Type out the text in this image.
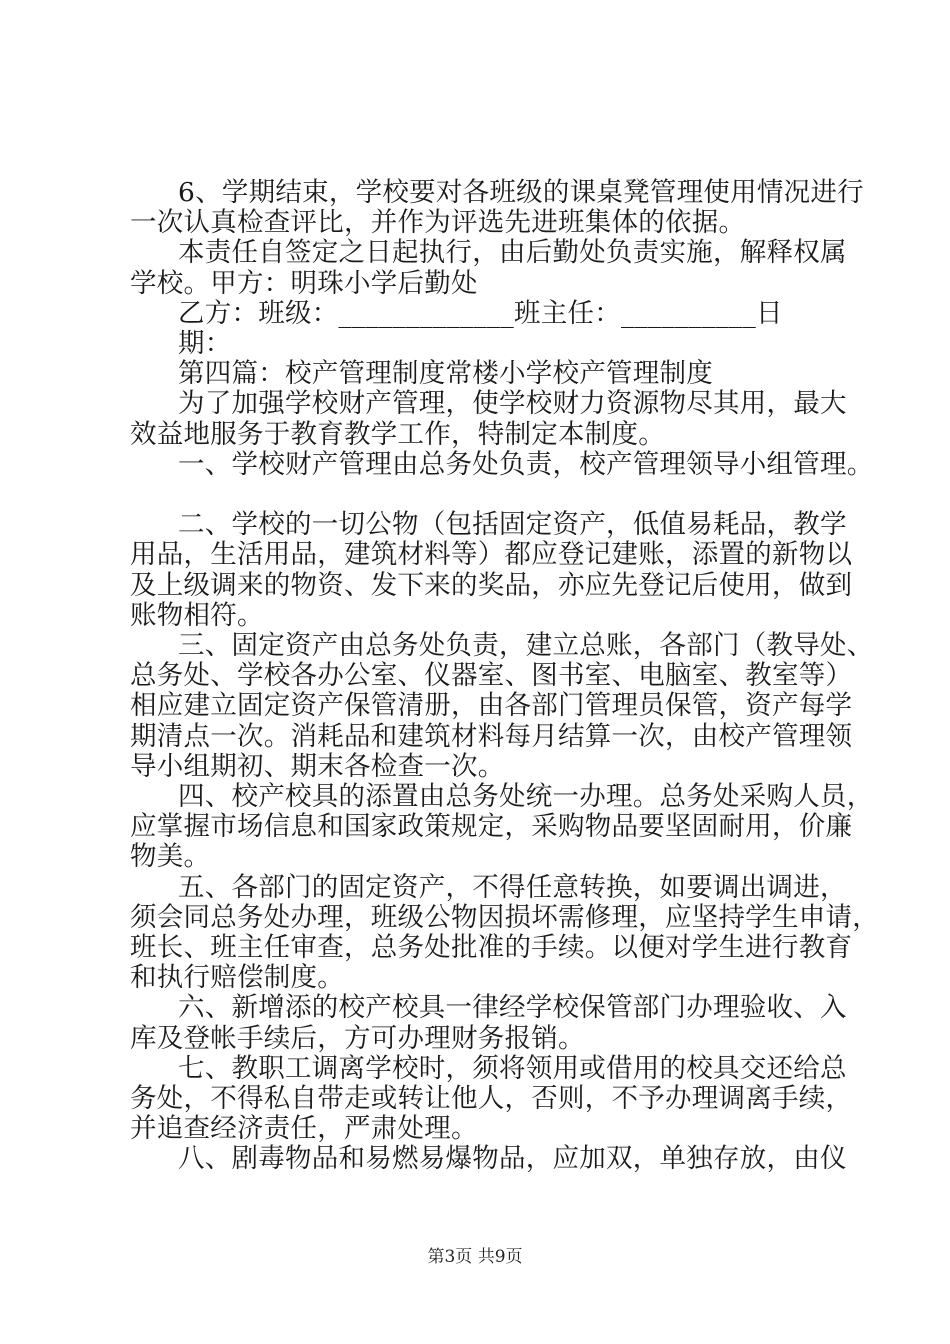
6、学期结束，学校要对各班级的课桌凳管理使用情况进行
一次认真检查评比，并作为评选先进班集体的依据。
本责任自签定之日起执行，由后勤处负责实施，解释权属
学校。甲方：明珠小学后勤处
乙方：班级：_____________班主任：__________日
期：
第四篇：校产管理制度常楼小学校产管理制度
为了加强学校财产管理，使学校财力资源物尽其用，最大
效益地服务于教育教学工作，特制定本制度。
一、学校财产管理由总务处负责，校产管理领导小组管理。
二、学校的一切公物（包括固定资产，低值易耗品，教学
用品，生活用品，建筑材料等）都应登记建账，添置的新物以
及上级调来的物资、发下来的奖品，亦应先登记后使用，做到
账物相符。
三、固定资产由总务处负责，建立总账，各部门（教导处、
总务处、学校各办公室、仪器室、图书室、电脑室、教室等）
相应建立固定资产保管清册，由各部门管理员保管，资产每学
期清点一次。消耗品和建筑材料每月结算一次，由校产管理领
导小组期初、期末各检查一次。
四、校产校具的添置由总务处统一办理。总务处采购人员，
应掌握市场信息和国家政策规定，采购物品要坚固耐用，价廉
物美。
五、各部门的固定资产，不得任意转换，如要调出调进，
须会同总务处办理，班级公物因损坏需修理，应坚持学生申请，
班长、班主任审查，总务处批准的手续。以便对学生进行教育
和执行赔偿制度。
六、新增添的校产校具一律经学校保管部门办理验收、入
库及登帐手续后，方可办理财务报销。
七、教职工调离学校时，须将领用或借用的校具交还给总
务处，不得私自带走或转让他人，否则，不予办理调离手续，
并追查经济责任，严肃处理。
八、剧毒物品和易燃易爆物品，应加双，单独存放，由仪
第3页 共9页
